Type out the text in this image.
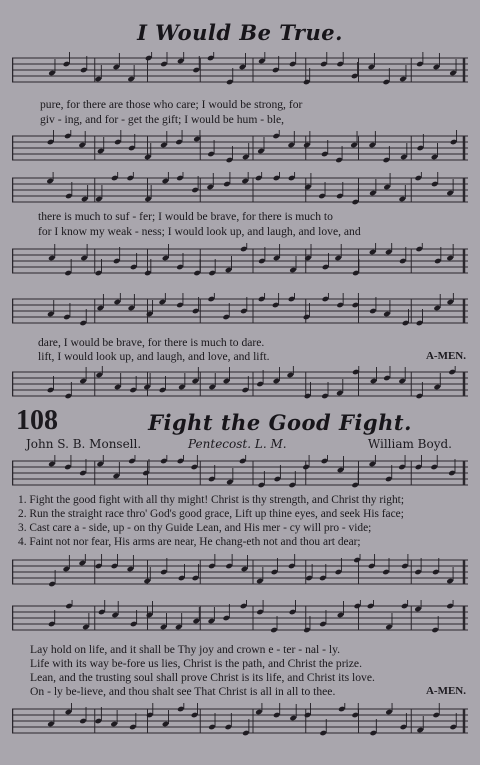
I Would Be True.
pure, for there are those who care; I would be strong, for
giv - ing, and for - get the gift; I would be hum - ble,
there is much to suf - fer; I would be brave, for there is much to
for I know my weak - ness; I would look up, and laugh, and love, and
dare, I would be brave, for there is much to dare.
lift, I would look up, and laugh, and love, and lift.	A-MEN.
108	Fight the Good Fight.
John S. B. Monsell.	Pentecost. L. M.	William Boyd.
1. Fight the good fight with all thy might! Christ is thy strength, and Christ thy right;
2. Run the straight race thro' God's good grace, Lift up thine eyes, and seek His face;
3. Cast care a - side, up - on thy Guide Lean, and His mer - cy will pro - vide;
4. Faint not nor fear, His arms are near, He chang-eth not and thou art dear;
Lay hold on life, and it shall be Thy joy and crown e - ter - nal - ly.
Life with its way be-fore us lies, Christ is the path, and Christ the prize.
Lean, and the trusting soul shall prove Christ is its life, and Christ its love.
On - ly be-lieve, and thou shalt see That Christ is all in all to thee.	A-MEN.
